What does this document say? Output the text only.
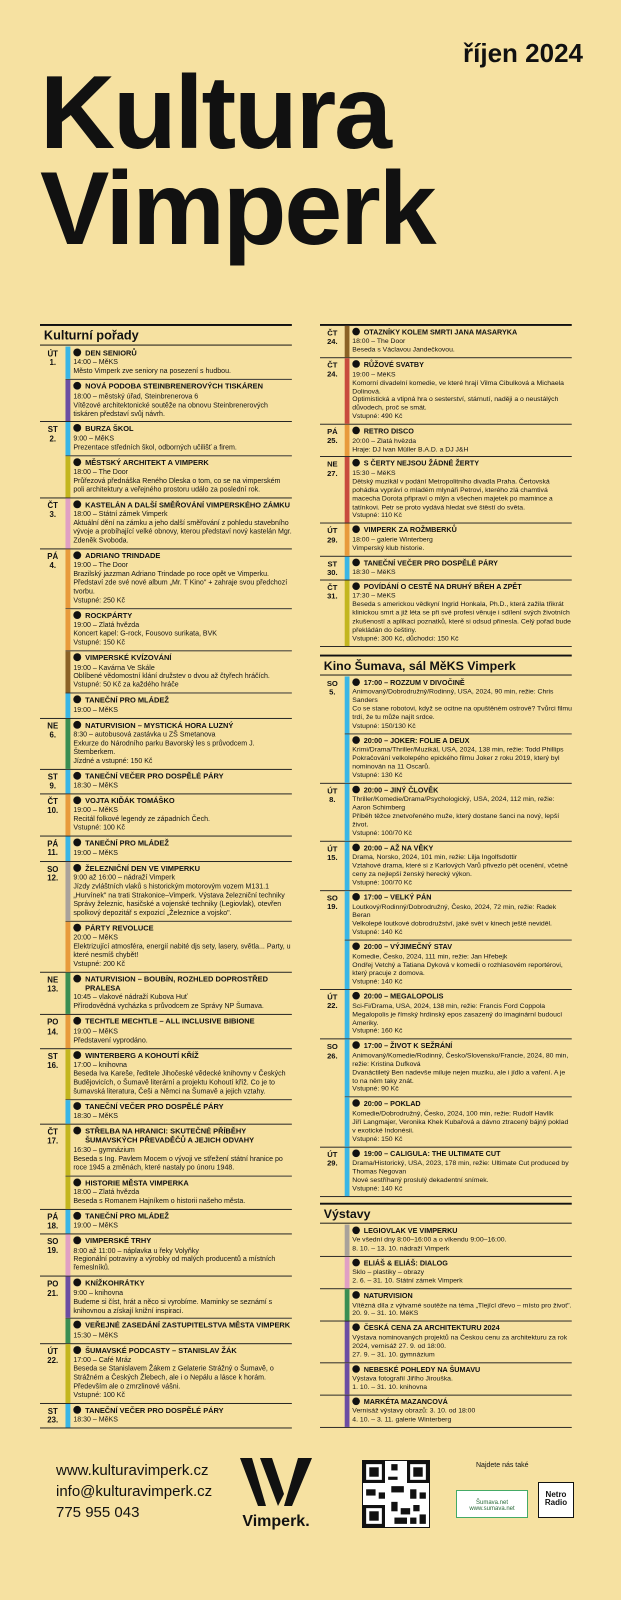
říjen 2024
Kultura
Vimperk
Kulturní pořady
ÚT
1.
DEN SENIORŮ
14:00 – MěKS
Město Vimperk zve seniory na posezení s hudbou.
NOVÁ PODOBA STEINBRENEROVÝCH TISKÁREN
18:00 – městský úřad, Steinbrenerova 6
Vítězové architektonické soutěže na obnovu Steinbrenerových tiskáren představí svůj návrh.
ST
2.
BURZA ŠKOL
9:00 – MěKS
Prezentace středních škol, odborných učilišť a firem.
MĚSTSKÝ ARCHITEKT A VIMPERK
18:00 – The Door
Průřezová přednáška Reného Dleska o tom, co se na vimperském poli architektury a veřejného prostoru událo za poslední rok.
ČT
3.
KASTELÁN A DALŠÍ SMĚŘOVÁNÍ VIMPERSKÉHO ZÁMKU
18:00 – Státní zámek Vimperk
Aktuální dění na zámku a jeho další směřování z pohledu stavebního vývoje a probíhající velké obnovy, kterou představí nový kastelán Mgr. Zdeněk Svoboda.
PÁ
4.
ADRIANO TRINDADE
19:00 – The Door
Brazilský jazzman Adriano Trindade po roce opět ve Vimperku. Představí zde své nové album „Mr. T Kino" + zahraje svou předchozí tvorbu.
Vstupné: 250 Kč
ROCKPÁRTY
19:00 – Zlatá hvězda
Koncert kapel: G-rock, Fousovo surikata, BVK
Vstupné: 150 Kč
VIMPERSKÉ KVÍZOVÁNÍ
19:00 – Kavárna Ve Skále
Oblíbené vědomostní klání družstev o dvou až čtyřech hráčích.
Vstupné: 50 Kč za každého hráče
TANEČNÍ PRO MLÁDEŽ
19:00 – MěKS
NE
6.
NATURVISION – MYSTICKÁ HORA LUZNÝ
8:30 – autobusová zastávka u ZŠ Smetanova
Exkurze do Národního parku Bavorský les s průvodcem J. Štemberkem.
Jízdné a vstupné: 150 Kč
ST
9.
TANEČNÍ VEČER PRO DOSPĚLÉ PÁRY
18:30 – MěKS
ČT
10.
VOJTA KIĎÁK TOMÁŠKO
19:00 – MěKS
Recitál folkové legendy ze západních Čech.
Vstupné: 100 Kč
PÁ
11.
TANEČNÍ PRO MLÁDEŽ
19:00 – MěKS
SO
12.
ŽELEZNIČNÍ DEN VE VIMPERKU
9:00 až 16:00 – nádraží Vimperk
Jízdy zvláštních vlaků s historickým motorovým vozem M131.1 „Hurvínek" na trati Strakonice–Vimperk. Výstava železniční techniky Správy železnic, hasičské a vojenské techniky (Legiovlak), otevřen spolkový depozitář s expozicí „Železnice a vojsko".
PÁRTY REVOLUCE
20:00 – MěKS
Elektrizující atmosféra, energií nabité djs sety, lasery, světla... Party, u které nesmíš chybět!
Vstupné: 200 Kč
NE
13.
NATURVISION – BOUBÍN, ROZHLED DOPROSTŘED PRALESA
10:45 – vlakové nádraží Kubova Huť
Přírodovědná vycházka s průvodcem ze Správy NP Šumava.
PO
14.
TECHTLE MECHTLE – ALL INCLUSIVE BIBIONE
19:00 – MěKS
Představení vyprodáno.
ST
16.
WINTERBERG A KOHOUTÍ KŘÍŽ
17:00 – knihovna
Beseda Iva Kareše, ředitele Jihočeské vědecké knihovny v Českých Budějovicích, o Šumavě literární a projektu Kohoutí kříž. Co je to šumavská literatura, Češi a Němci na Šumavě a jejich vztahy.
TANEČNÍ VEČER PRO DOSPĚLÉ PÁRY
18:30 – MěKS
ČT
17.
STŘELBA NA HRANICI: SKUTEČNÉ PŘÍBĚHY ŠUMAVSKÝCH PŘEVADĚČŮ A JEJICH ODVAHY
16:30 – gymnázium
Beseda s Ing. Pavlem Mocem o vývoji ve střežení státní hranice po roce 1945 a změnách, které nastaly po únoru 1948.
HISTORIE MĚSTA VIMPERKA
18:00 – Zlatá hvězda
Beseda s Romanem Hajníkem o historii našeho města.
PÁ
18.
TANEČNÍ PRO MLÁDEŽ
19:00 – MěKS
SO
19.
VIMPERSKÉ TRHY
8:00 až 11:00 – náplavka u řeky Volyňky
Regionální potraviny a výrobky od malých producentů a místních řemeslníků.
PO
21.
KNÍŽKOHRÁTKY
9:00 – knihovna
Budeme si číst, hrát a něco si vyrobíme. Maminky se seznámí s knihovnou a získají knižní inspiraci.
VEŘEJNÉ ZASEDÁNÍ ZASTUPITELSTVA MĚSTA VIMPERK
15:30 – MěKS
ÚT
22.
ŠUMAVSKÉ PODCASTY – STANISLAV ŽÁK
17:00 – Café Mráz
Beseda se Stanislavem Žákem z Gelaterie Strážný o Šumavě, o Strážném a Českých Žlebech, ale i o Nepálu a lásce k horám. Především ale o zmrzlinové vášni.
Vstupné: 100 Kč
ST
23.
TANEČNÍ VEČER PRO DOSPĚLÉ PÁRY
18:30 – MěKS
ČT
24.
OTAZNÍKY KOLEM SMRTI JANA MASARYKA
18:00 – The Door
Beseda s Václavou Jandečkovou.
ČT
24.
RŮŽOVÉ SVATBY
19:00 – MěKS
Komorní divadelní komedie, ve které hrají Vilma Cibulková a Michaela Dolinová.
Optimistická a vtipná hra o sesterství, stárnutí, naději a o neustálých důvodech, proč se smát.
Vstupné: 490 Kč
PÁ
25.
RETRO DISCO
20:00 – Zlatá hvězda
Hraje: DJ Ivan Müller B.A.D. a DJ J&H
NE
27.
S ČERTY NEJSOU ŽÁDNÉ ŽERTY
15:30 – MěKS
Dětský muzikál v podání Metropolitního divadla Praha. Čertovská pohádka vypráví o mladém mlynáři Petrovi, kterého zlá chamtivá macecha Dorota připraví o mlýn a všechen majetek po mamince a tatínkovi. Petr se proto vydává hledat své štěstí do světa.
Vstupné: 110 Kč
ÚT
29.
VIMPERK ZA ROŽMBERKŮ
18:00 – galerie Winterberg
Vimperský klub historie.
ST
30.
TANEČNÍ VEČER PRO DOSPĚLÉ PÁRY
18:30 – MěKS
ČT
31.
POVÍDÁNÍ O CESTĚ NA DRUHÝ BŘEH A ZPĚT
17:30 – MěKS
Beseda s americkou vědkyní Ingrid Honkala, Ph.D., která zažila třikrát klinickou smrt a již léta se při své profesi věnuje i sdílení svých životních zkušeností a aplikaci poznatků, které si odsud přinesla. Celý pořad bude překládán do češtiny.
Vstupné: 300 Kč, důchodci: 150 Kč
Kino Šumava, sál MěKS Vimperk
SO
5.
17:00 – ROZZUM V DIVOČINĚ
Animovaný/Dobrodružný/Rodinný, USA, 2024, 90 min, režie: Chris Sanders
Co se stane robotovi, když se ocitne na opuštěném ostrově? Tvůrci filmu trdí, že tu může najít srdce.
Vstupné: 150/130 Kč
20:00 – JOKER: FOLIE A DEUX
Krimi/Drama/Thriller/Muzikál, USA, 2024, 138 min, režie: Todd Phillips
Pokračování velkolepého epického filmu Joker z roku 2019, který byl nominován na 11 Oscarů.
Vstupné: 130 Kč
ÚT
8.
20:00 – JINÝ ČLOVĚK
Thriller/Komedie/Drama/Psychologický, USA, 2024, 112 min, režie: Aaron Schimberg
Příběh těžce znetvořeného muže, který dostane šanci na nový, lepší život.
Vstupné: 100/70 Kč
ÚT
15.
20:00 – AŽ NA VĚKY
Drama, Norsko, 2024, 101 min, režie: Lilja Ingolfsdottir
Vztahové drama, které si z Karlových Varů přivezlo pět ocenění, včetně ceny za nejlepší ženský herecký výkon.
Vstupné: 100/70 Kč
SO
19.
17:00 – VELKÝ PÁN
Loutkový/Rodinný/Dobrodružný, Česko, 2024, 72 min, režie: Radek Beran
Velkolepé loutkové dobrodružství, jaké svět v kinech ještě neviděl.
Vstupné: 140 Kč
20:00 – VÝJIMEČNÝ STAV
Komedie, Česko, 2024, 111 min, režie: Jan Hřebejk
Ondřej Vetchý a Tatiana Dyková v komedii o rozhlasovém reportérovi, který pracuje z domova.
Vstupné: 140 Kč
ÚT
22.
20:00 – MEGALOPOLIS
Sci-Fi/Drama, USA, 2024, 138 min, režie: Francis Ford Coppola
Megalopolis je římský hrdinský epos zasazený do imaginární budoucí Ameriky.
Vstupné: 160 Kč
SO
26.
17:00 – ŽIVOT K SEŽRÁNÍ
Animovaný/Komedie/Rodinný, Česko/Slovensko/Francie, 2024, 80 min, režie: Kristina Dufková
Dvanáctiletý Ben nadevše miluje nejen muziku, ale i jídlo a vaření. A je to na něm taky znát.
Vstupné: 90 Kč
20:00 – POKLAD
Komedie/Dobrodružný, Česko, 2024, 100 min, režie: Rudolf Havlík
Jiří Langmajer, Veronika Khek Kubařová a dávno ztracený bájný poklad v exotické Indonésii.
Vstupné: 150 Kč
ÚT
29.
19:00 – CALIGULA: THE ULTIMATE CUT
Drama/Historický, USA, 2023, 178 min, režie: Ultimate Cut produced by Thomas Negovan
Nové sestříhaný proslulý dekadentní snímek.
Vstupné: 140 Kč
Výstavy
LEGIOVLAK VE VIMPERKU
Ve všední dny 8:00–16:00 a o víkendu 9:00–16:00.
8. 10. – 13. 10. nádraží Vimperk
ELIÁŠ & ELIÁŠ: DIALOG
Sklo – plastiky – obrazy
2. 6. – 31. 10. Státní zámek Vimperk
NATURVISION
Vítězná díla z výtvarné soutěže na téma „Tlející dřevo – místo pro život".
20. 9. – 31. 10. MěKS
ČESKÁ CENA ZA ARCHITEKTURU 2024
Výstava nominovaných projektů na Českou cenu za architekturu za rok 2024, vernisáž 27. 9. od 18:00.
27. 9. – 31. 10. gymnázium
NEBESKÉ POHLEDY NA ŠUMAVU
Výstava fotografií Jiřího Jirouška.
1. 10. – 31. 10. knihovna
MARKÉTA MAZANCOVÁ
Vernisáž výstavy obrazů: 3. 10. od 18:00
4. 10. – 3. 11. galerie Winterberg
www.kulturavimperk.cz
info@kulturavimperk.cz
775 955 043
Vimperk.
Najdete nás také
Šumava.net
www.sumava.net
Netro Radio
